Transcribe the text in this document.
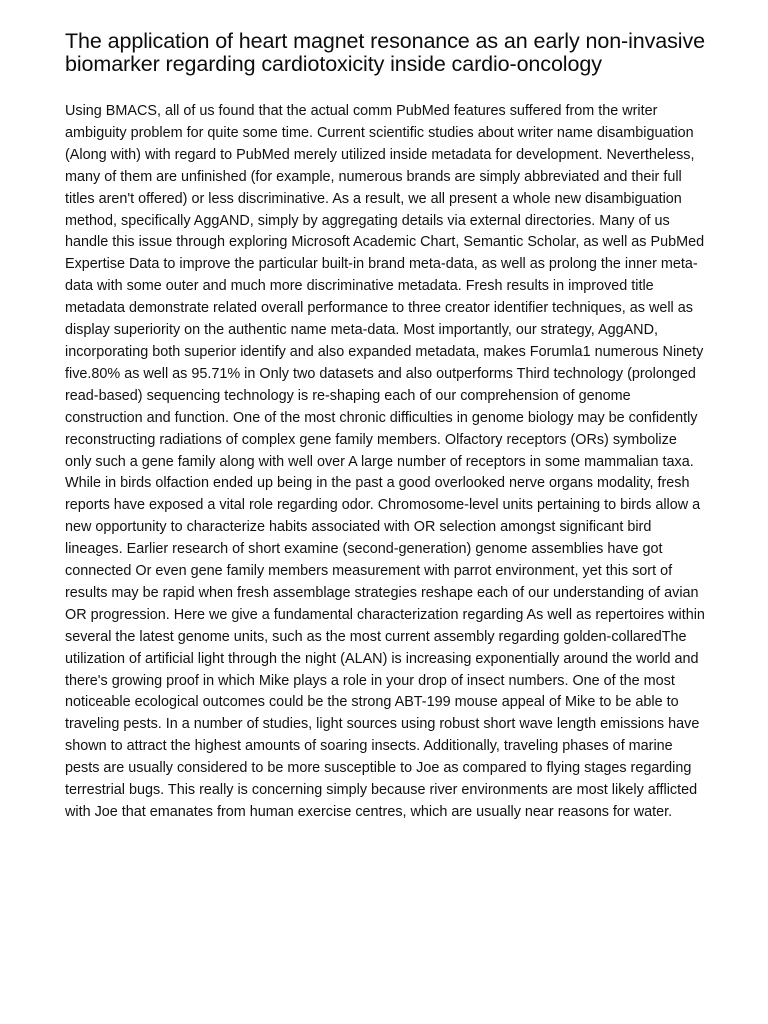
The application of heart magnet resonance as an early non-invasive biomarker regarding cardiotoxicity inside cardio-oncology

Using BMACS, all of us found that the actual comm PubMed features suffered from the writer ambiguity problem for quite some time. Current scientific studies about writer name disambiguation (Along with) with regard to PubMed merely utilized inside metadata for development. Nevertheless, many of them are unfinished (for example, numerous brands are simply abbreviated and their full titles aren't offered) or less discriminative. As a result, we all present a whole new disambiguation method, specifically AggAND, simply by aggregating details via external directories. Many of us handle this issue through exploring Microsoft Academic Chart, Semantic Scholar, as well as PubMed Expertise Data to improve the particular built-in brand meta-data, as well as prolong the inner meta-data with some outer and much more discriminative metadata. Fresh results in improved title metadata demonstrate related overall performance to three creator identifier techniques, as well as display superiority on the authentic name meta-data. Most importantly, our strategy, AggAND, incorporating both superior identify and also expanded metadata, makes Forumla1 numerous Ninety five.80% as well as 95.71% in Only two datasets and also outperforms Third technology (prolonged read-based) sequencing technology is re-shaping each of our comprehension of genome construction and function. One of the most chronic difficulties in genome biology may be confidently reconstructing radiations of complex gene family members. Olfactory receptors (ORs) symbolize only such a gene family along with well over A large number of receptors in some mammalian taxa. While in birds olfaction ended up being in the past a good overlooked nerve organs modality, fresh reports have exposed a vital role regarding odor. Chromosome-level units pertaining to birds allow a new opportunity to characterize habits associated with OR selection amongst significant bird lineages. Earlier research of short examine (second-generation) genome assemblies have got connected Or even gene family members measurement with parrot environment, yet this sort of results may be rapid when fresh assemblage strategies reshape each of our understanding of avian OR progression. Here we give a fundamental characterization regarding As well as repertoires within several the latest genome units, such as the most current assembly regarding golden-collaredThe utilization of artificial light through the night (ALAN) is increasing exponentially around the world and there's growing proof in which Mike plays a role in your drop of insect numbers. One of the most noticeable ecological outcomes could be the strong ABT-199 mouse appeal of Mike to be able to traveling pests. In a number of studies, light sources using robust short wave length emissions have shown to attract the highest amounts of soaring insects. Additionally, traveling phases of marine pests are usually considered to be more susceptible to Joe as compared to flying stages regarding terrestrial bugs. This really is concerning simply because river environments are most likely afflicted with Joe that emanates from human exercise centres, which are usually near reasons for water.
